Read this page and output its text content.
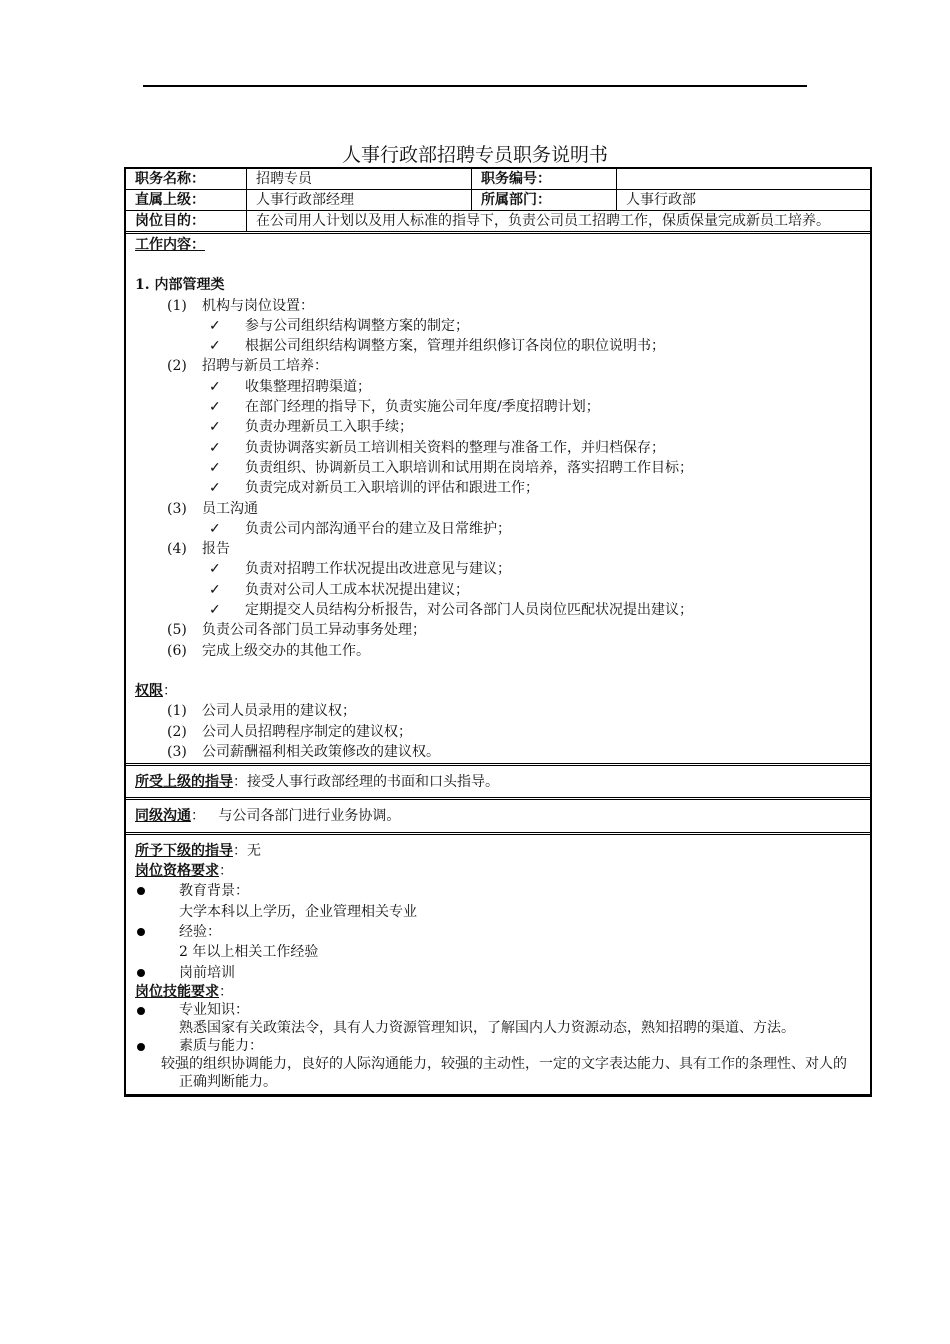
人事行政部招聘专员职务说明书
职务名称：	招聘专员	职务编号：
直属上级：	人事行政部经理	所属部门：	人事行政部
岗位目的：	在公司用人计划以及用人标准的指导下，负责公司员工招聘工作，保质保量完成新员工培养。
工作内容：
1. 内部管理类
(1) 机构与岗位设置：
✓ 参与公司组织结构调整方案的制定；
✓ 根据公司组织结构调整方案，管理并组织修订各岗位的职位说明书；
(2) 招聘与新员工培养：
✓ 收集整理招聘渠道；
✓ 在部门经理的指导下，负责实施公司年度/季度招聘计划；
✓ 负责办理新员工入职手续；
✓ 负责协调落实新员工培训相关资料的整理与准备工作，并归档保存；
✓ 负责组织、协调新员工入职培训和试用期在岗培养，落实招聘工作目标；
✓ 负责完成对新员工入职培训的评估和跟进工作；
(3) 员工沟通
✓ 负责公司内部沟通平台的建立及日常维护；
(4) 报告
✓ 负责对招聘工作状况提出改进意见与建议；
✓ 负责对公司人工成本状况提出建议；
✓ 定期提交人员结构分析报告，对公司各部门人员岗位匹配状况提出建议；
(5) 负责公司各部门员工异动事务处理；
(6) 完成上级交办的其他工作。
权限：
(1) 公司人员录用的建议权；
(2) 公司人员招聘程序制定的建议权；
(3) 公司薪酬福利相关政策修改的建议权。
所受上级的指导：接受人事行政部经理的书面和口头指导。
同级沟通：   与公司各部门进行业务协调。
所予下级的指导：无
岗位资格要求：
教育背景：
大学本科以上学历，企业管理相关专业
经验：
2 年以上相关工作经验
岗前培训
岗位技能要求：
专业知识：
熟悉国家有关政策法令，具有人力资源管理知识，了解国内人力资源动态，熟知招聘的渠道、方法。
素质与能力：
较强的组织协调能力，良好的人际沟通能力，较强的主动性，一定的文字表达能力、具有工作的条理性、对人的正确判断能力。
